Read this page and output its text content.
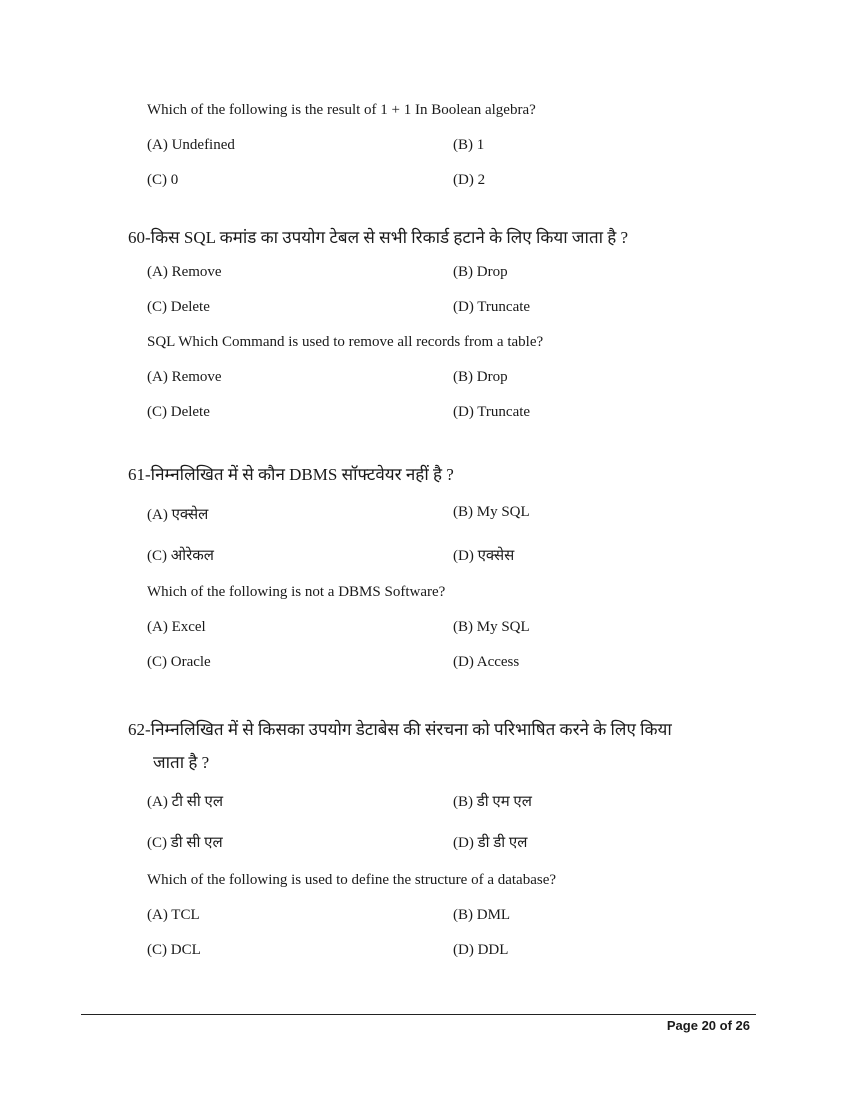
Which of the following is the result of 1 + 1 In Boolean algebra?
(A) Undefined	(B) 1
(C) 0	(D) 2
60-किस SQL कमांड का उपयोग टेबल से सभी रिकार्ड हटाने के लिए किया जाता है ?
(A) Remove	(B) Drop
(C) Delete	(D) Truncate
SQL Which Command is used to remove all records from a table?
(A) Remove	(B) Drop
(C) Delete	(D) Truncate
61-निम्नलिखित में से कौन DBMS सॉफ्टवेयर नहीं है ?
(A) एक्सेल	(B) My SQL
(C) ओरेकल	(D) एक्सेस
Which of the following is not a DBMS Software?
(A) Excel	(B) My SQL
(C) Oracle	(D) Access
62-निम्नलिखित में से किसका उपयोग डेटाबेस की संरचना को परिभाषित करने के लिए किया
जाता है ?
(A) टी सी एल	(B) डी एम एल
(C) डी सी एल	(D) डी डी एल
Which of the following is used to define the structure of a database?
(A) TCL	(B) DML
(C) DCL	(D) DDL
Page 20 of 26
